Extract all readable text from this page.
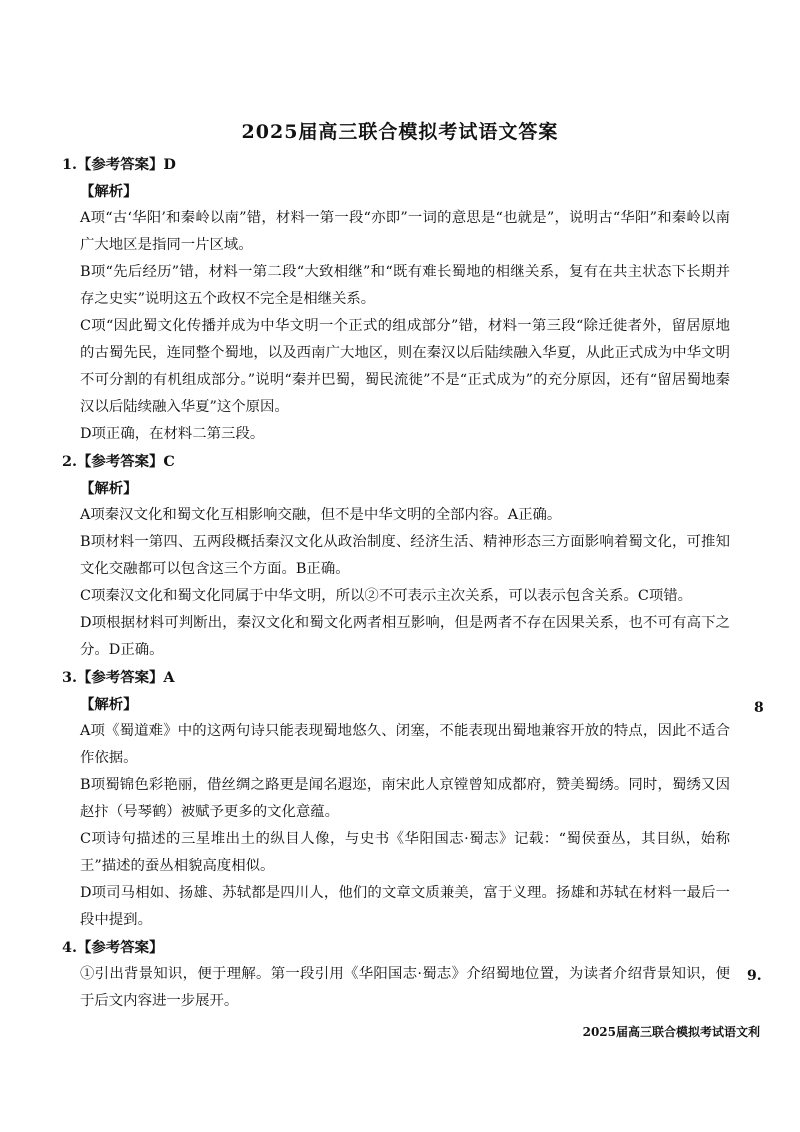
2025届高三联合模拟考试语文答案
1.【参考答案】D
【解析】
A项“古‘华阳’和秦岭以南”错，材料一第一段“亦即”一词的意思是“也就是”，说明古“华阳”和秦岭以南广大地区是指同一片区域。
B项“先后经历”错，材料一第二段“大致相继”和“既有难长蜀地的相继关系，复有在共主状态下长期并存之史实”说明这五个政权不完全是相继关系。
C项“因此蜀文化传播并成为中华文明一个正式的组成部分”错，材料一第三段“除迁徙者外，留居原地的古蜀先民，连同整个蜀地，以及西南广大地区，则在秦汉以后陆续融入华夏，从此正式成为中华文明不可分割的有机组成部分。”说明“秦并巴蜀，蜀民流徙”不是“正式成为”的充分原因，还有“留居蜀地秦汉以后陆续融入华夏”这个原因。
D项正确，在材料二第三段。
2.【参考答案】C
【解析】
A项秦汉文化和蜀文化互相影响交融，但不是中华文明的全部内容。A正确。
B项材料一第四、五两段概括秦汉文化从政治制度、经济生活、精神形态三方面影响着蜀文化，可推知文化交融都可以包含这三个方面。B正确。
C项秦汉文化和蜀文化同属于中华文明，所以②不可表示主次关系，可以表示包含关系。C项错。
D项根据材料可判断出，秦汉文化和蜀文化两者相互影响，但是两者不存在因果关系，也不可有高下之分。D正确。
3.【参考答案】A
【解析】
A项《蜀道难》中的这两句诗只能表现蜀地悠久、闭塞，不能表现出蜀地兼容开放的特点，因此不适合作依据。
B项蜀锦色彩艳丽，借丝绸之路更是闻名遐迩，南宋此人京镗曾知成都府，赞美蜀绣。同时，蜀绣又因赵抃（号琴鹤）被赋予更多的文化意蕴。
C项诗句描述的三星堆出土的纵目人像，与史书《华阳国志·蜀志》记载：“蜀侯蚕丛，其目纵，始称王”描述的蚕丛相貌高度相似。
D项司马相如、扬雄、苏轼都是四川人，他们的文章文质兼美，富于义理。扬雄和苏轼在材料一最后一段中提到。
4.【参考答案】
①引出背景知识，便于理解。第一段引用《华阳国志·蜀志》介绍蜀地位置，为读者介绍背景知识，便于后文内容进一步展开。
8
9.
2025届高三联合模拟考试语文利
